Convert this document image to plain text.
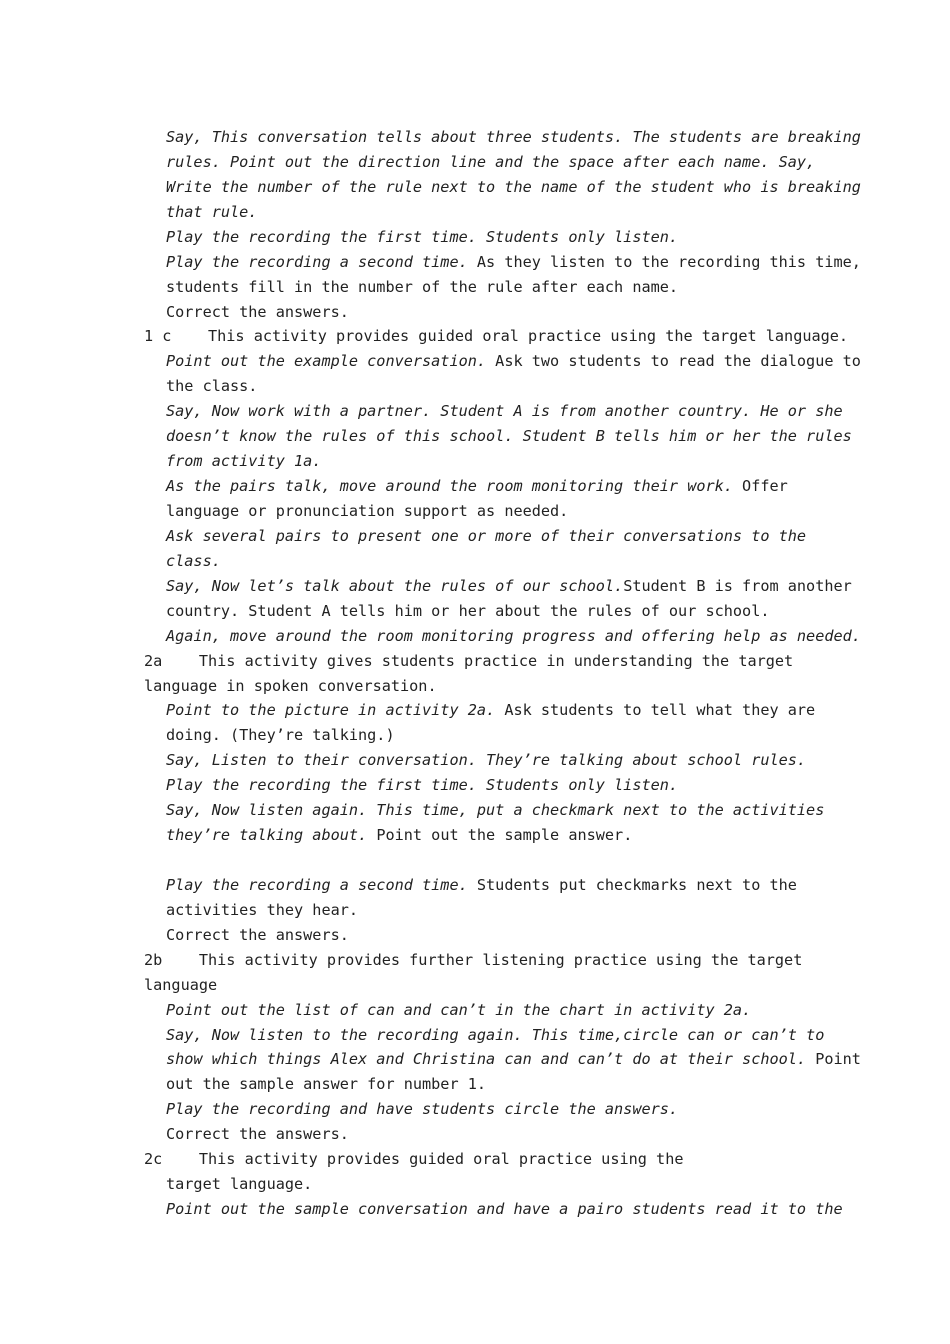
Say, This conversation tells about three students. The students are breaking
rules. Point out the direction line and the space after each name. Say,
Write the number of the rule next to the name of the student who is breaking
that rule.
Play the recording the first time. Students only listen.
Play the recording a second time. As they listen to the recording this time,
students fill in the number of the rule after each name.
Correct the answers.
1 c    This activity provides guided oral practice using the target language.
Point out the example conversation. Ask two students to read the dialogue to
the class.
Say, Now work with a partner. Student A is from another country. He or she
doesn’t know the rules of this school. Student B tells him or her the rules
from activity 1a.
As the pairs talk, move around the room monitoring their work. Offer
language or pronunciation support as needed.
Ask several pairs to present one or more of their conversations to the
class.
Say, Now let’s talk about the rules of our school.Student B is from another
country. Student A tells him or her about the rules of our school.
Again, move around the room monitoring progress and offering help as needed.
2a    This activity gives students practice in understanding the target
language in spoken conversation.
Point to the picture in activity 2a. Ask students to tell what they are
doing. (They’re talking.)
Say, Listen to their conversation. They’re talking about school rules.
Play the recording the first time. Students only listen.
Say, Now listen again. This time, put a checkmark next to the activities
they’re talking about. Point out the sample answer.
Play the recording a second time. Students put checkmarks next to the
activities they hear.
Correct the answers.
2b    This activity provides further listening practice using the target
language
Point out the list of can and can’t in the chart in activity 2a.
Say, Now listen to the recording again. This time,circle can or can’t to
show which things Alex and Christina can and can’t do at their school. Point
out the sample answer for number 1.
Play the recording and have students circle the answers.
Correct the answers.
2c    This activity provides guided oral practice using the
target language.
Point out the sample conversation and have a pairo students read it to the
